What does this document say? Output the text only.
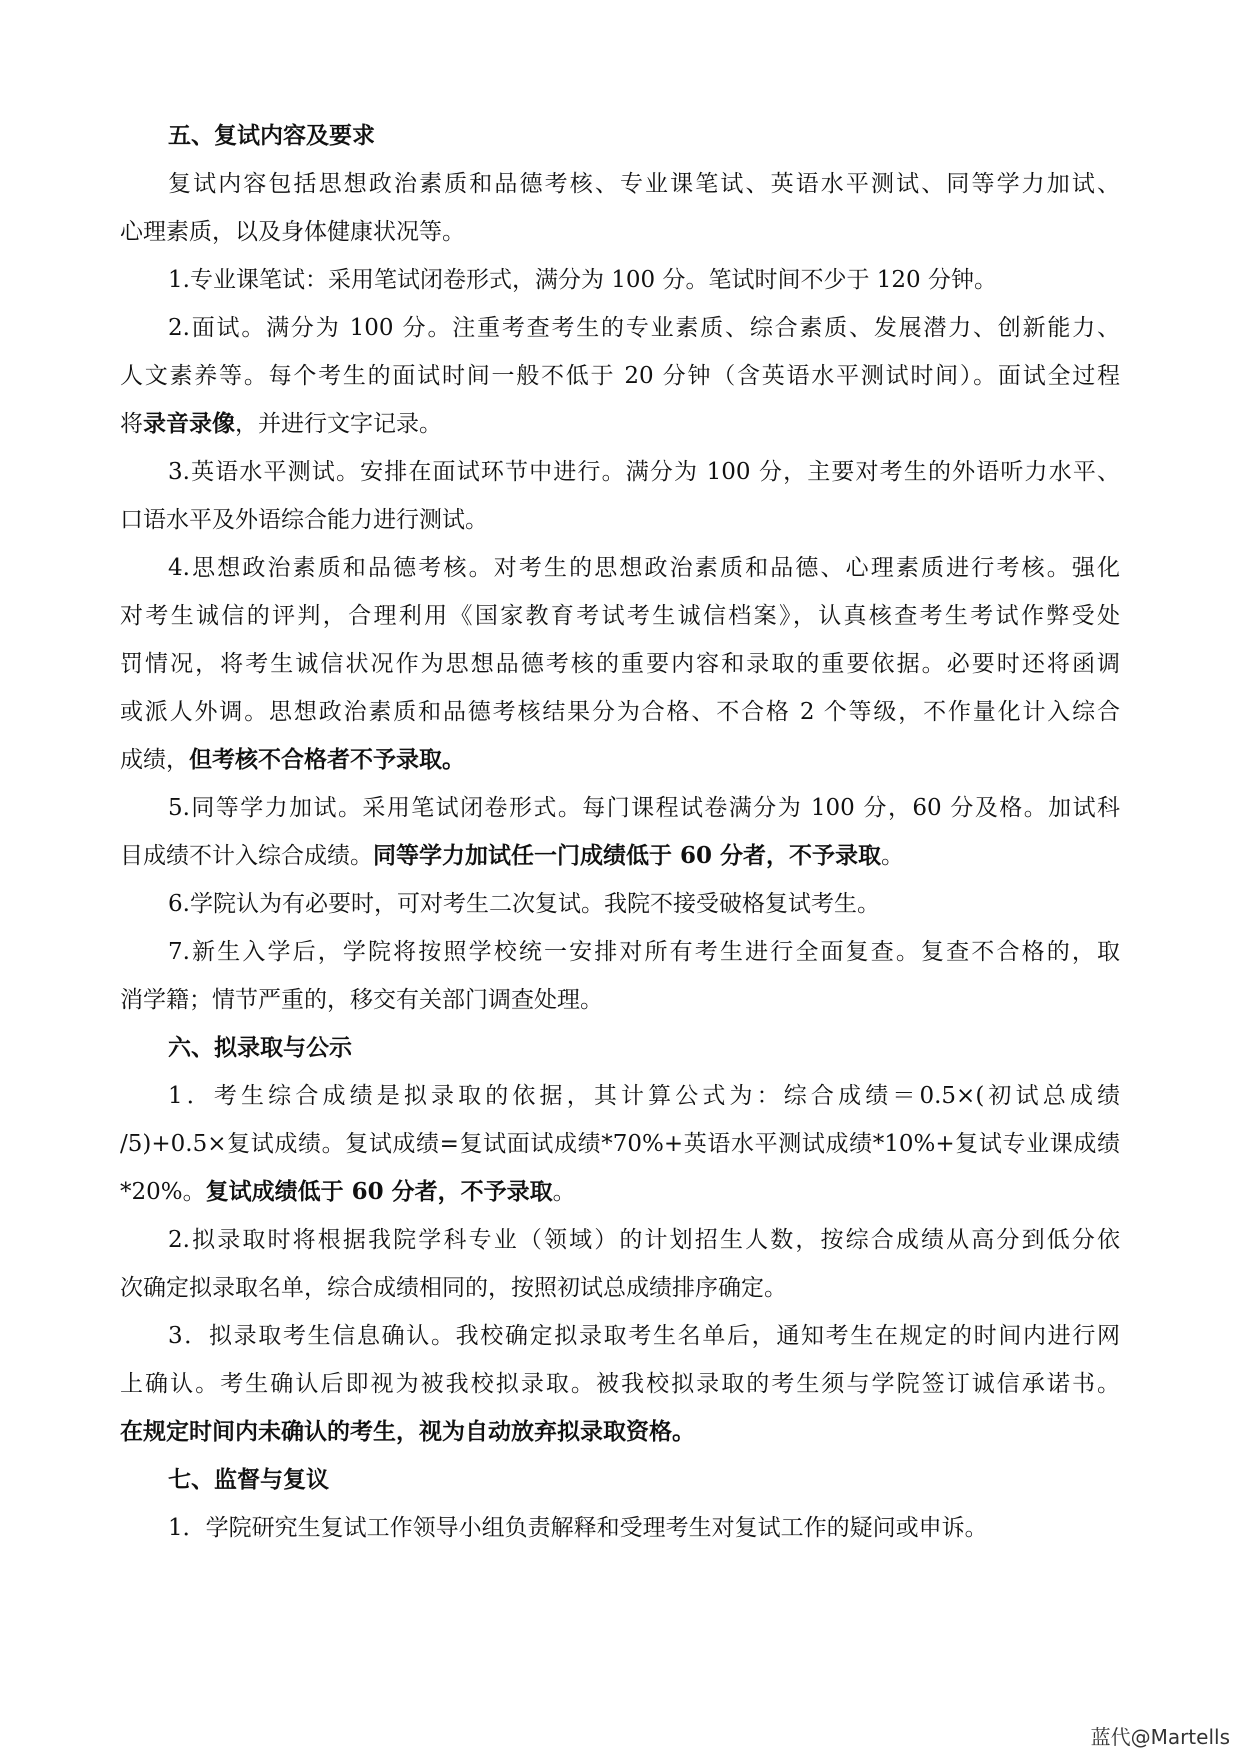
五、复试内容及要求
复试内容包括思想政治素质和品德考核、专业课笔试、英语水平测试、同等学力加试、
心理素质，以及身体健康状况等。
1.专业课笔试：采用笔试闭卷形式，满分为 100 分。笔试时间不少于 120 分钟。
2.面试。满分为 100 分。注重考查考生的专业素质、综合素质、发展潜力、创新能力、
人文素养等。每个考生的面试时间一般不低于 20 分钟（含英语水平测试时间）。面试全过程
将录音录像，并进行文字记录。
3.英语水平测试。安排在面试环节中进行。满分为 100 分，主要对考生的外语听力水平、
口语水平及外语综合能力进行测试。
4.思想政治素质和品德考核。对考生的思想政治素质和品德、心理素质进行考核。强化
对考生诚信的评判，合理利用《国家教育考试考生诚信档案》，认真核查考生考试作弊受处
罚情况，将考生诚信状况作为思想品德考核的重要内容和录取的重要依据。必要时还将函调
或派人外调。思想政治素质和品德考核结果分为合格、不合格 2 个等级，不作量化计入综合
成绩，但考核不合格者不予录取。
5.同等学力加试。采用笔试闭卷形式。每门课程试卷满分为 100 分，60 分及格。加试科
目成绩不计入综合成绩。同等学力加试任一门成绩低于 60 分者，不予录取。
6.学院认为有必要时，可对考生二次复试。我院不接受破格复试考生。
7.新生入学后，学院将按照学校统一安排对所有考生进行全面复查。复查不合格的，取
消学籍；情节严重的，移交有关部门调查处理。
六、拟录取与公示
1．考生综合成绩是拟录取的依据，其计算公式为：综合成绩＝0.5×(初试总成绩
/5)+0.5×复试成绩。复试成绩=复试面试成绩*70%+英语水平测试成绩*10%+复试专业课成绩
*20%。复试成绩低于 60 分者，不予录取。
2.拟录取时将根据我院学科专业（领域）的计划招生人数，按综合成绩从高分到低分依
次确定拟录取名单，综合成绩相同的，按照初试总成绩排序确定。
3．拟录取考生信息确认。我校确定拟录取考生名单后，通知考生在规定的时间内进行网
上确认。考生确认后即视为被我校拟录取。被我校拟录取的考生须与学院签订诚信承诺书。
在规定时间内未确认的考生，视为自动放弃拟录取资格。
七、监督与复议
1．学院研究生复试工作领导小组负责解释和受理考生对复试工作的疑问或申诉。
蓝代@Martells
